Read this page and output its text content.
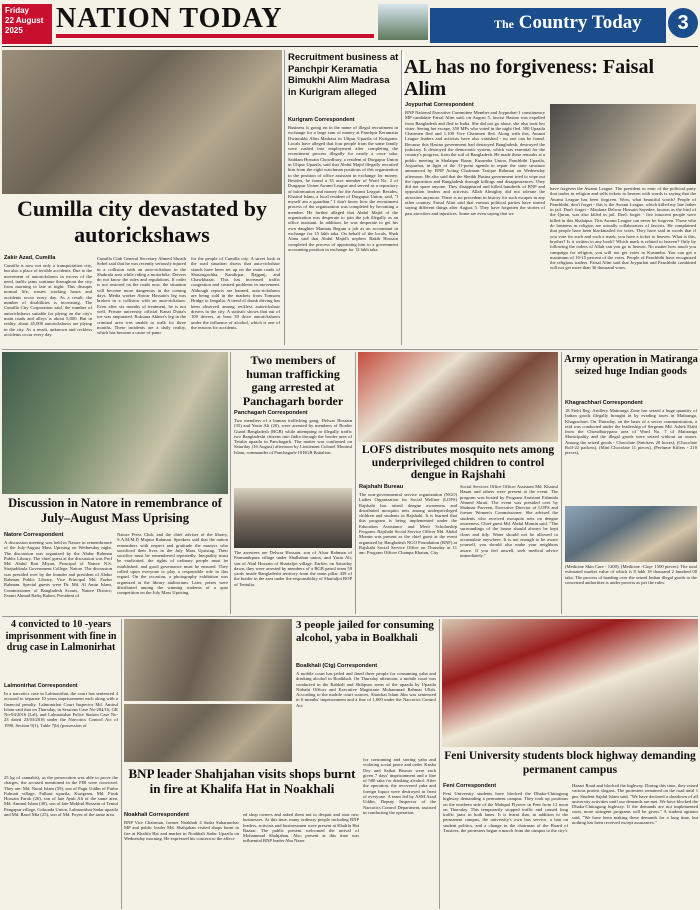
Friday
22 August
2025	NATION TODAY	The Country Today	3
Cumilla city devastated by autorickshaws
Zakir Azad, Cumilla
Cumilla is now not only a transportation city, but also a place of terrible accidents. Due to the movement of autorickshaws in excess of the need, traffic jams continue throughout the city from morning to late at night. This disrupts normal life, wastes working hours and accidents occur every day. As a result, the number of disabilities is increasing. The Cumilla City Corporation said, the number of autorickshaws suitable for plying on the city's main roads and alleys is about 5,000. But in reality, about 45,000 autorickshaws are plying in the city. As a result, unknown and reckless accidents occur every day.
Cumilla Club General Secretary Ahmed Shoaib Sobel said that he was recently seriously injured in a collision with an auto-rickshaw in the Shakrala area while riding a motorbike. Drivers do not know the rules and regulations. If order is not restored on the roads now, the situation will become more dangerous in the coming days. Media worker Anwar Hossain's leg was broken in a collision with an auto-rickshaw. Even after six months of treatment, he is not well. Private university official Kanai Dutta's toe was amputated. Roksana Akhter's leg in the criminal area was unable to walk for three months. These incidents are a daily reality, which has become a cause of panic
for the people of Cumilla city. A street look at the road situation shows that auto-rickshaw stands have been set up on the main roads of Shasongachha, Kandirpar, Rajganj, and Chawkbazar. This has increased traffic congestion and created problems in movement. Although reports are banned, auto-rickshaws are being sold in the markets from Tomsom Bridge to Jangalia. A trend of drunk driving has been observed among reckless autorickshaw drivers in the city. A statistic shows that out of 100 drivers, at least 30 drive autorickshaws under the influence of alcohol, which is one of the reasons for accidents.
Recruitment business at Panchpir Keramatia Bimukhi Alim Madrasa in Kurigram alleged
Kurigram Correspondent
Business is going on in the name of illegal recruitment in exchange for a large sum of money at Panchpir Keramatia Dwimukhi Alim Madrasa in Ulipur Upazila of Kurigram. Locals have alleged that four people from the same family were rushed into employment after completing the recruitment process illegally for nearly a crore taka. Saddam Hossain Chowdhury, a resident of Durgapur Union in Ulipur Upazila, said that Abdul Majid illegally recruited him from the eight watchman positions of this organization to the position of office assistant in exchange for money. Besides, he found a 35 acre member of Ward No. 2 of Durgapur Union Awami League and served as a repository of information and money for the Awami League. Besides, Khairul Islam, a local resident of Durgapur Union, said, "I myself am a guardian." I don't know how the recruitment process of the organization was completed by becoming a member. He further alleged that Abdul Majid of the organization was desperate to join the job illegally as an office assistant. In addition, he was desperate to get his own daughter Mamata Begum a job as an accountant in exchange for 15 lakh taka. On behalf of the locals, Shah Alam said that Abdul Majid's nephew Rakib Hossain completed the process of appointing him to a government accounting position in exchange for 12 lakh taka.
AL has no forgiveness: Faisal Alim
Joypurhat Correspondent
BNP National Executive Committee Member and Joypurhat-1 constituency MP candidate Faisal Alim said, on August 5, fascist Hasina was expelled from Bangladesh and fled to India. She did not go alone, she also took her sister. Seeing her escape, 350 MPs who voted in the night fled. 500 Upazila Chairmen fled and 1,100 Vice Chairmen fled. Along with this, Awami League leaders and activists have also vanished - no one can be found. Because this Hasina government had destroyed Bangladesh, destroyed the judiciary. It destroyed the democratic system, which was essential for the country's progress, from the soil of Bangladesh. He made these remarks at a public meeting in Shalaipur Bazar, Kusumba Union, Panchbibi Upazila, Joypurhat, in light of the 31-point agenda to repair the state structure announced by BNP Acting Chairman Tarique Rahman on Wednesday afternoon. He also said that the Sheikh Hasina government tried to wipe out the opposition and Bangladesh through killings and disappearances. They did not spare anyone. They disappeared and killed hundreds of BNP and opposition leaders and activists. Allah Almighty did not tolerate the atrocities anymore. There is no precedent in history for such escapes in any other country. Faisal Alim said that various political parties have started saying different things after August 5. They have forgotten the stories of past atrocities and injustices. Some are even saying that we
have forgiven the Awami League. The president or emir of the political party that trades in religion and sells tickets to heaven with words is saying that the Awami League has been forgiven. Wow, what beautiful words! People of Panchbibi, don't forget - this is the Awami League, which killed my late father in jail. Don't forget - Maulana Delwar Hossain Sayedee, known as the bird of the Quran, was also killed in jail. Don't forget - five innocent people were killed in this Shalaipur. This Awami League can never be forgiven. Those who do business in religion are actually collaborators of fascists. He complained that people have been blackmailed for votes. They have said in words that if you vote for such and such a mark, you have a ticket to heaven. What is this, brother? Is it written in any book? Which mark is related to heaven? Only by following the orders of Allah can you go to heaven. No matter how much you campaign for religion, you will not get votes in Kusumba. You can get a maximum of 10-15 percent of the votes. People of Panchbibi have recognized the religious traders. Faisal Alim said that Joypurhat and Panchbibi combined will not get more than 30 thousand votes.
Discussion in Natore in remembrance of July–August Mass Uprising
Natore Correspondent
A discussion meeting was held in Natore in remembrance of the July-August Mass Uprising on Wednesday night. The discussion was organized by the Abdur Rahman Public Library. The chief guest at the discussion was Prof Md. Abdul Bari Miyan, Principal of Natore N.S. Sirajuddoula Government College, Natore. The discussion was presided over by the founder and president of Abdur Rahman Public Library, Vice Principal Md. Fazlur Rahman. Special guests were Dr. Md. Al Amin Islam, Commissioner of Bangladesh Scouts, Natore District; Farani Ahmad Rafiq Bahon, President of
Natore Press Club; and the chief adviser of the library, S.A.M.M.D Majnur Rahman. Speakers said that the nation remembers with respect and gratitude the martyrs who sacrificed their lives in the July Mass Uprising. Their sacrifice must be remembered repeatedly. Inequality must be eradicated, the rights of ordinary people must be established, and good governance must be ensured. They called upon everyone to play a responsible role in this regard. On the occasion, a photography exhibition was organized at the library auditorium. Later, prizes were distributed among the winning students of a quiz competition on the July Mass Uprising.
Two members of human trafficking gang arrested at Panchagarh border
Panchagarh Correspondent
Two members of a human trafficking gang, Delwar Hossain (35) and Yasin Ali (20), were arrested by members of Border Guard Bangladesh (BGB) while attempting to illegally traffic two Bangladeshi citizens into India through the border area of Tetulia upazila in Panchagarh. The matter was confirmed on Saturday (16 August) afternoon by Lieutenant Colonel Monirul Islam, commander of Panchagarh-18 BGB Battalion.
The arrestees are Delwar Hossain, son of Afsar Rahman of Parmanikpara village under Shalbahan union, and Yasin Ali, son of Abul Hossain of Sharialjot village. Earlier, on Saturday dawn, they were arrested by members of a BGB patrol team 50 yards inside Bangladeshi territory from the main pillar 439 of the border in the area under the responsibility of Sharialjot BOP of Tentulia.
LOFS distributes mosquito nets among underprivileged children to control dengue in Rajshahi
Rajshahi Bureau
The non-governmental service organization (NGO) Ladies Organization for Social Welfare (LOFS) Rajshahi has raised dengue awareness and distributed mosquito nets among underprivileged children and students in Rajshahi. It is learned that this program is being implemented under the Education Assistance and Merit Scholarship Program. Rajshahi Social Service Officer Md. Abdul Momin was present as the chief guest at the event organized by Bangladesh NGO Foundation (BNF) at Rajshahi Social Service Office on Thursday at 11 am. Program Officer Champa Khatun, City
Social Services Office Officer Assistant Md. Khairul Hasan and others were present at the event. The program was hosted by Program Assistant Fahmida Ahmed Shruti. The event was presided over by Shahnaz Parveen, Executive Director of LOFS and former Women's Commissioner. She advised the students who received mosquito nets on dengue awareness. Chief guest Md. Abdul Momin said, "The surroundings of the house should always be kept clean and tidy. Water should not be allowed to accumulate anywhere. It is not enough to be aware yourself, you should also make your neighbors aware. If you feel unwell, seek medical advice immediately."
Army operation in Matiranga seized huge Indian goods
Khagrachhari Correspondent
18 Field Reg. Artillery Matiranga Zone has seized a huge quantity of Indian goods illegally brought in by evading taxes in Matiranga, Khagrachari. On Thursday, on the basis of a secret communication, a raid was conducted under the leadership of Sergeant Md. Ashek Elahi from the Chowdhurypara area of Ward No. 7 of Matiranga Municipality and the illegal goods were seized without an owner. Among the seized goods - Chocolate (Snickers 20 boxes), (Chocolate Roll-22 packets), (Mini Chocolate 11 pieces), (Perfume Killers - 210 pieces),
(Medicine Skin Care - 1200), (Medicine -Clop- 1500 pieces). The total estimated market value of which is 8 lakh 18 thousand 2 hundred 00 taka. The process of handing over the seized Indian illegal goods to the concerned authorities is under process as per the rules.
4 convicted to 10 -years imprisonment with fine in drug case in Lalmonirhat
Lalmonirhat Correspondent
In a narcotics case in Lalmonirhat, the court has sentenced 4 accused to separate 10 years imprisonment each along with a financial penalty. Lalmonirhat Court Inspector Md. Amirul Islam said that on Thursday, in Sessions Case No-284/16, GR No-94/2016 (Lal), and Lalmonirhat Police Station Case No-23 dated 23/03/2016 under the Narcotics Control Act of 1990, Section 9(1), Table 7(b) (possession of
25 kg of cannabis), as the prosecution was able to prove the charges, the accused mentioned in the FIR were convicted. They are: Md. Nurul Islam (59), son of Pagir Uddin of Purbo Fulmati village, Fulbari upazila, Kurigram, Md. Firuk Hossain Farok (26), son of late Ayub Ali of the same area, Md. Aminul Islam (40), son of late Mokbul Hossain of Tentul Pangapur village, Gokunda Union, Lalmonirhat Sadar upazila and Md. Rasel Mia (25), son of Md. Foyez of the same area.
3 people jailed for consuming alcohol, yaba in Boalkhali
Boalkhali (Ctg) Correspondent
A mobile court has jailed and fined three people for consuming yaba and drinking alcohol in Boalkhali. On Thursday afternoon, a mobile court was conducted in the Rahkali and Shibpuro areas of the upazila by Upazila Nirbahi Officer and Executive Magistrate Mohammad Rahmat Ullah. According to the mobile court sources, Shawkat Islam Jiku was sentenced to 6 months' imprisonment and a fine of 1,000 under the Narcotics Control Act
for consuming and storing yaba and violating social peace and order. Kusha Dey and Saikat Biswas were each given 7 days' imprisonment and a fine of 500 taka for drinking alcohol. After the operation, the recovered yaba and foreign liquor were destroyed in front of everyone. A team led by ASM Azad Uddin, Deputy Inspector of the Narcotics Control Department, assisted in conducting the operation.
BNP leader Shahjahan visits shops burnt in fire at Khalifa Hat in Noakhali
Noakhali Correspondent
BNP Vice Chairman, former Noakhali 4 Sadar Subarnachar MP and public leader Md. Shahjahan visited shops burnt in fire at Khalifa Hat and market in Noakhali Sadar Upazila on Wednesday morning. He expressed his concern to the affect-
ed shop owners and asked them not to despair and start new businesses. At this time, many ordinary people including BNP leaders, activists and businessmen were present at Khalifa Hat Bazaar. The public present welcomed the arrival of Mohammad Shahjahan. Also present at this time was influential BNP leader Abu Naser.
Feni University students block highway demanding permanent campus
Feni Correspondent
Feni University students have blocked the Dhaka-Chittagong highway demanding a permanent campus. They took up positions on the northern side of the Mahipal Flyover in Feni from 12 noon on Thursday. This temporarily stopped traffic and caused long traffic jams in both lanes. It is learnt that, in addition to the permanent campus, the university's own bus service, a ban on student politics, and a change in the chairman of the Board of Trustees, the protesters began a march from the campus to the city's
Hazari Road and blocked the highway. During this time, they raised various protest slogans. The protesters remained on the road until 1 pm. Student Sajdul Islam said, "We have declared a shutdown of all university activities until our demands are met. We have blocked the Dhaka-Chittagong highway. If the demands are not implemented soon, more stringent programs will be given." A student agitator said, "We have been making these demands for a long time, but nothing has been received except assurances."
